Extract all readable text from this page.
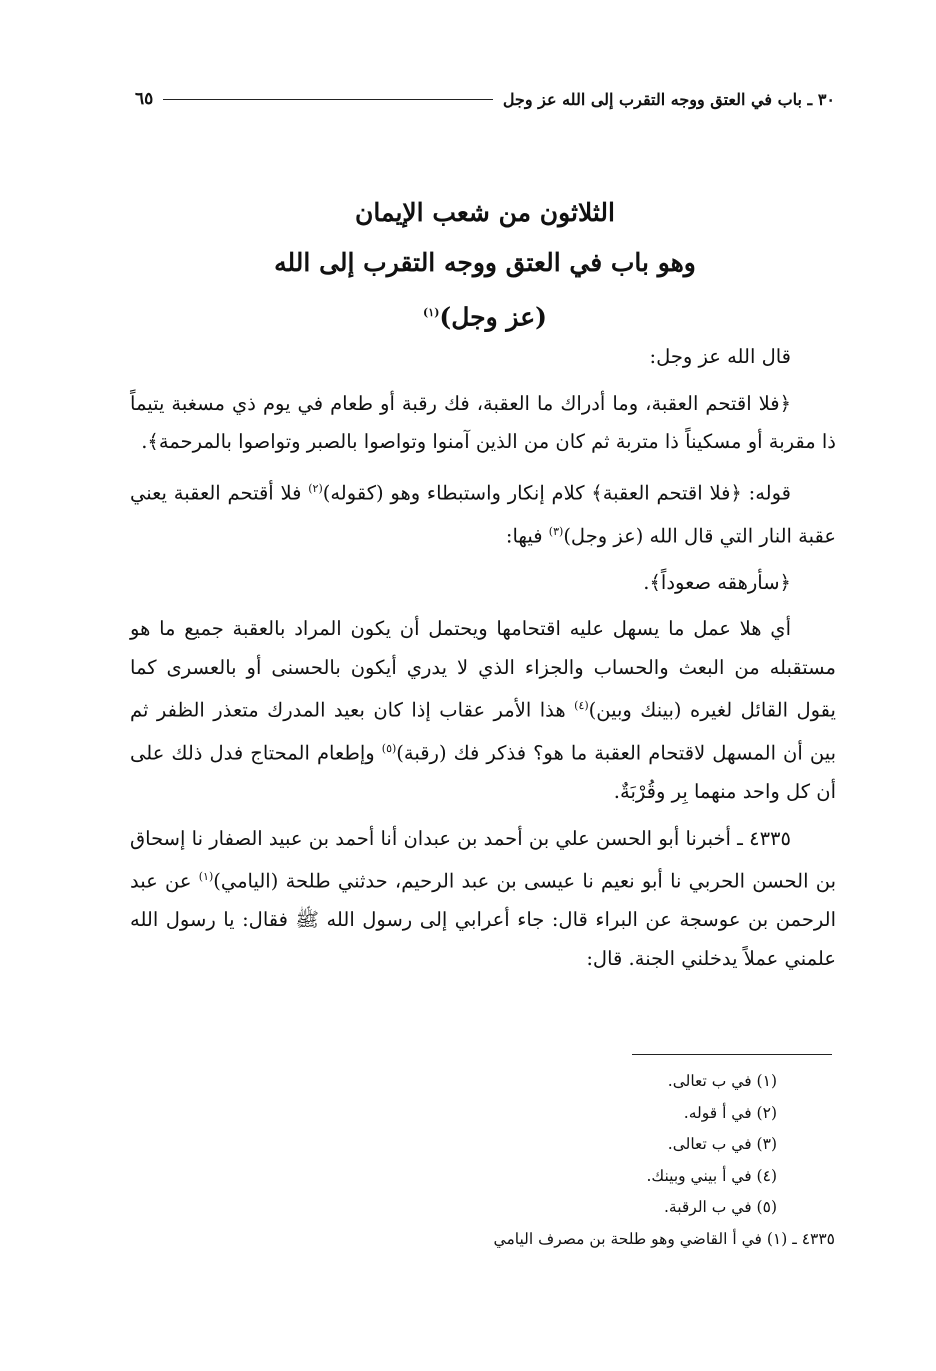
٣٠ ـ باب في العتق ووجه التقرب إلى الله عز وجل
٦٥
الثلاثون من شعب الإيمان
وهو باب في العتق ووجه التقرب إلى الله
(عز وجل)$^{(١)}$

قال الله عز وجل:

﴿فلا اقتحم العقبة، وما أدراك ما العقبة، فك رقبة أو طعام في يوم ذي مسغبة يتيماً ذا مقربة أو مسكيناً ذا متربة ثم كان من الذين آمنوا وتواصوا بالصبر وتواصوا بالمرحمة﴾.

قوله: ﴿فلا اقتحم العقبة﴾ كلام إنكار واستبطاء وهو (كقوله)$^{(٢)}$ فلا أقتحم العقبة يعني عقبة النار التي قال الله (عز وجل)$^{(٣)}$ فيها:

﴿سأرهقه صعوداً﴾.

أي هلا عمل ما يسهل عليه اقتحامها ويحتمل أن يكون المراد بالعقبة جميع ما هو مستقبله من البعث والحساب والجزاء الذي لا يدري أيكون بالحسنى أو بالعسرى كما يقول القائل لغيره (بينك وبين)$^{(٤)}$ هذا الأمر عقاب إذا كان بعيد المدرك متعذر الظفر ثم بين أن المسهل لاقتحام العقبة ما هو؟ فذكر فك (رقبة)$^{(٥)}$ وإطعام المحتاج فدل ذلك على أن كل واحد منهما بِر وقُرْبَةٌ.

٤٣٣٥ ـ أخبرنا أبو الحسن علي بن أحمد بن عبدان أنا أحمد بن عبيد الصفار نا إسحاق بن الحسن الحربي نا أبو نعيم نا عيسى بن عبد الرحيم، حدثني طلحة (اليامي)$^{(١)}$ عن عبد الرحمن بن عوسجة عن البراء قال: جاء أعرابي إلى رسول الله ﷺ فقال: يا رسول الله علمني عملاً يدخلني الجنة. قال:

(١) في ب تعالى.
(٢) في أ قوله.
(٣) في ب تعالى.
(٤) في أ بيني وبينك.
(٥) في ب الرقبة.
٤٣٣٥ ـ (١) في أ القاضي وهو طلحة بن مصرف اليامي
